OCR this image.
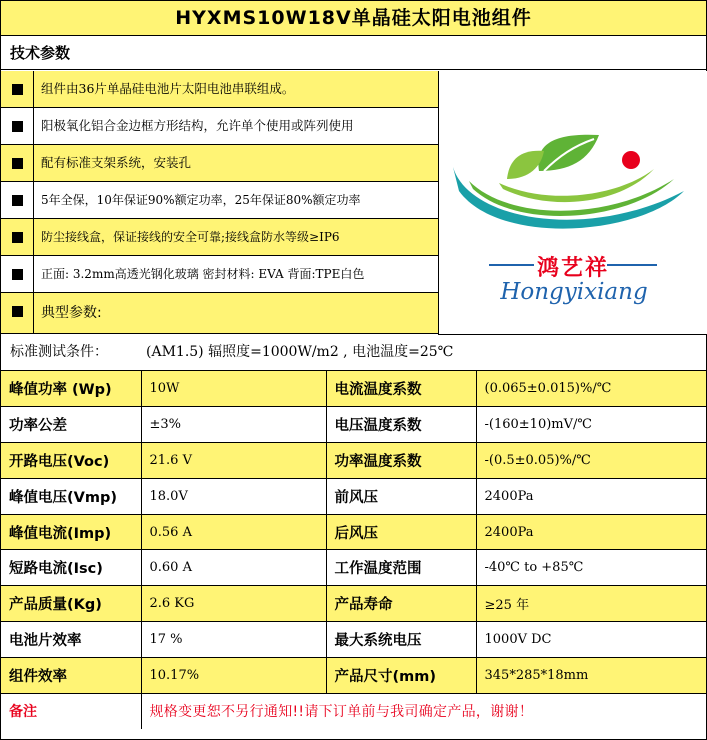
HYXMS10W18V单晶硅太阳电池组件
技术参数
组件由36片单晶硅电池片太阳电池串联组成。
阳极氧化铝合金边框方形结构，允许单个使用或阵列使用
配有标准支架系统，安装孔
5年全保，10年保证90%额定功率，25年保证80%额定功率
防尘接线盒，保证接线的安全可靠;接线盒防水等级≥IP6
正面: 3.2mm高透光钢化玻璃 密封材料: EVA 背面:TPE白色
典型参数:
鸿艺祥
Hongyixiang
标准测试条件：	(AM1.5) 辐照度=1000W/m2 , 电池温度=25℃
峰值功率 (Wp)	10W	电流温度系数	(0.065±0.015)%/℃
功率公差	±3%	电压温度系数	-(160±10)mV/℃
开路电压(Voc)	21.6 V	功率温度系数	-(0.5±0.05)%/℃
峰值电压(Vmp)	18.0V	前风压	2400Pa
峰值电流(Imp)	0.56 A	后风压	2400Pa
短路电流(Isc)	0.60 A	工作温度范围	-40℃ to +85℃
产品质量(Kg)	2.6 KG	产品寿命	≥25 年
电池片效率	17 %	最大系统电压	1000V DC
组件效率	10.17%	产品尺寸(mm)	345*285*18mm
备注	规格变更恕不另行通知!!请下订单前与我司确定产品，谢谢！		
